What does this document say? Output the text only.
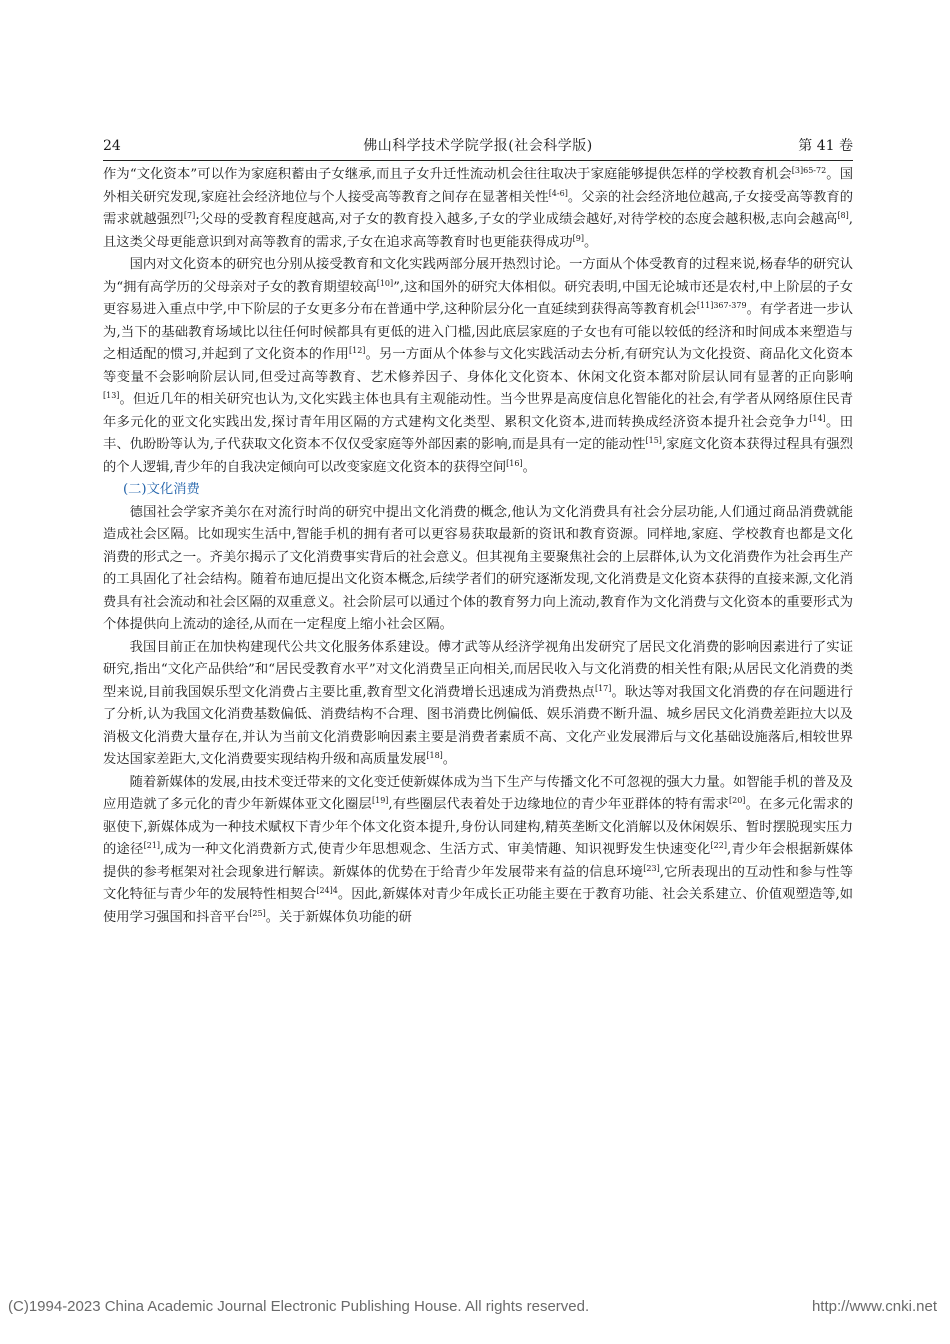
24	佛山科学技术学院学报(社会科学版)	第 41 卷

作为“文化资本”可以作为家庭积蓄由子女继承,而且子女升迁性流动机会往往取决于家庭能够提供怎样的学校教育机会$^{[3]65-72}$。国外相关研究发现,家庭社会经济地位与个人接受高等教育之间存在显著相关性[4-6]。父亲的社会经济地位越高,子女接受高等教育的需求就越强烈[7];父母的受教育程度越高,对子女的教育投入越多,子女的学业成绩会越好,对待学校的态度会越积极,志向会越高[8],且这类父母更能意识到对高等教育的需求,子女在追求高等教育时也更能获得成功[9]。

国内对文化资本的研究也分别从接受教育和文化实践两部分展开热烈讨论。一方面从个体受教育的过程来说,杨春华的研究认为“拥有高学历的父母亲对子女的教育期望较高[10]”,这和国外的研究大体相似。研究表明,中国无论城市还是农村,中上阶层的子女更容易进入重点中学,中下阶层的子女更多分布在普通中学,这种阶层分化一直延续到获得高等教育机会$^{[11]367-379}$。有学者进一步认为,当下的基础教育场域比以往任何时候都具有更低的进入门槛,因此底层家庭的子女也有可能以较低的经济和时间成本来塑造与之相适配的惯习,并起到了文化资本的作用[12]。另一方面从个体参与文化实践活动去分析,有研究认为文化投资、商品化文化资本等变量不会影响阶层认同,但受过高等教育、艺术修养因子、身体化文化资本、休闲文化资本都对阶层认同有显著的正向影响[13]。但近几年的相关研究也认为,文化实践主体也具有主观能动性。当今世界是高度信息化智能化的社会,有学者从网络原住民青年多元化的亚文化实践出发,探讨青年用区隔的方式建构文化类型、累积文化资本,进而转换成经济资本提升社会竞争力[14]。田丰、仇盼盼等认为,子代获取文化资本不仅仅受家庭等外部因素的影响,而是具有一定的能动性[15],家庭文化资本获得过程具有强烈的个人逻辑,青少年的自我决定倾向可以改变家庭文化资本的获得空间[16]。

(二)文化消费

德国社会学家齐美尔在对流行时尚的研究中提出文化消费的概念,他认为文化消费具有社会分层功能,人们通过商品消费就能造成社会区隔。比如现实生活中,智能手机的拥有者可以更容易获取最新的资讯和教育资源。同样地,家庭、学校教育也都是文化消费的形式之一。齐美尔揭示了文化消费事实背后的社会意义。但其视角主要聚焦社会的上层群体,认为文化消费作为社会再生产的工具固化了社会结构。随着布迪厄提出文化资本概念,后续学者们的研究逐渐发现,文化消费是文化资本获得的直接来源,文化消费具有社会流动和社会区隔的双重意义。社会阶层可以通过个体的教育努力向上流动,教育作为文化消费与文化资本的重要形式为个体提供向上流动的途径,从而在一定程度上缩小社会区隔。

我国目前正在加快构建现代公共文化服务体系建设。傅才武等从经济学视角出发研究了居民文化消费的影响因素进行了实证研究,指出“文化产品供给”和“居民受教育水平”对文化消费呈正向相关,而居民收入与文化消费的相关性有限;从居民文化消费的类型来说,目前我国娱乐型文化消费占主要比重,教育型文化消费增长迅速成为消费热点[17]。耿达等对我国文化消费的存在问题进行了分析,认为我国文化消费基数偏低、消费结构不合理、图书消费比例偏低、娱乐消费不断升温、城乡居民文化消费差距拉大以及消极文化消费大量存在,并认为当前文化消费影响因素主要是消费者素质不高、文化产业发展滞后与文化基础设施落后,相较世界发达国家差距大,文化消费要实现结构升级和高质量发展[18]。

随着新媒体的发展,由技术变迁带来的文化变迁使新媒体成为当下生产与传播文化不可忽视的强大力量。如智能手机的普及及应用造就了多元化的青少年新媒体亚文化圈层[19],有些圈层代表着处于边缘地位的青少年亚群体的特有需求[20]。在多元化需求的驱使下,新媒体成为一种技术赋权下青少年个体文化资本提升,身份认同建构,精英垄断文化消解以及休闲娱乐、暂时摆脱现实压力的途径[21],成为一种文化消费新方式,使青少年思想观念、生活方式、审美情趣、知识视野发生快速变化[22],青少年会根据新媒体提供的参考框架对社会现象进行解读。新媒体的优势在于给青少年发展带来有益的信息环境[23],它所表现出的互动性和参与性等文化特征与青少年的发展特性相契合$^{[24]4}$。因此,新媒体对青少年成长正功能主要在于教育功能、社会关系建立、价值观塑造等,如使用学习强国和抖音平台[25]。关于新媒体负功能的研

(C)1994-2023 China Academic Journal Electronic Publishing House. All rights reserved.	http://www.cnki.net
